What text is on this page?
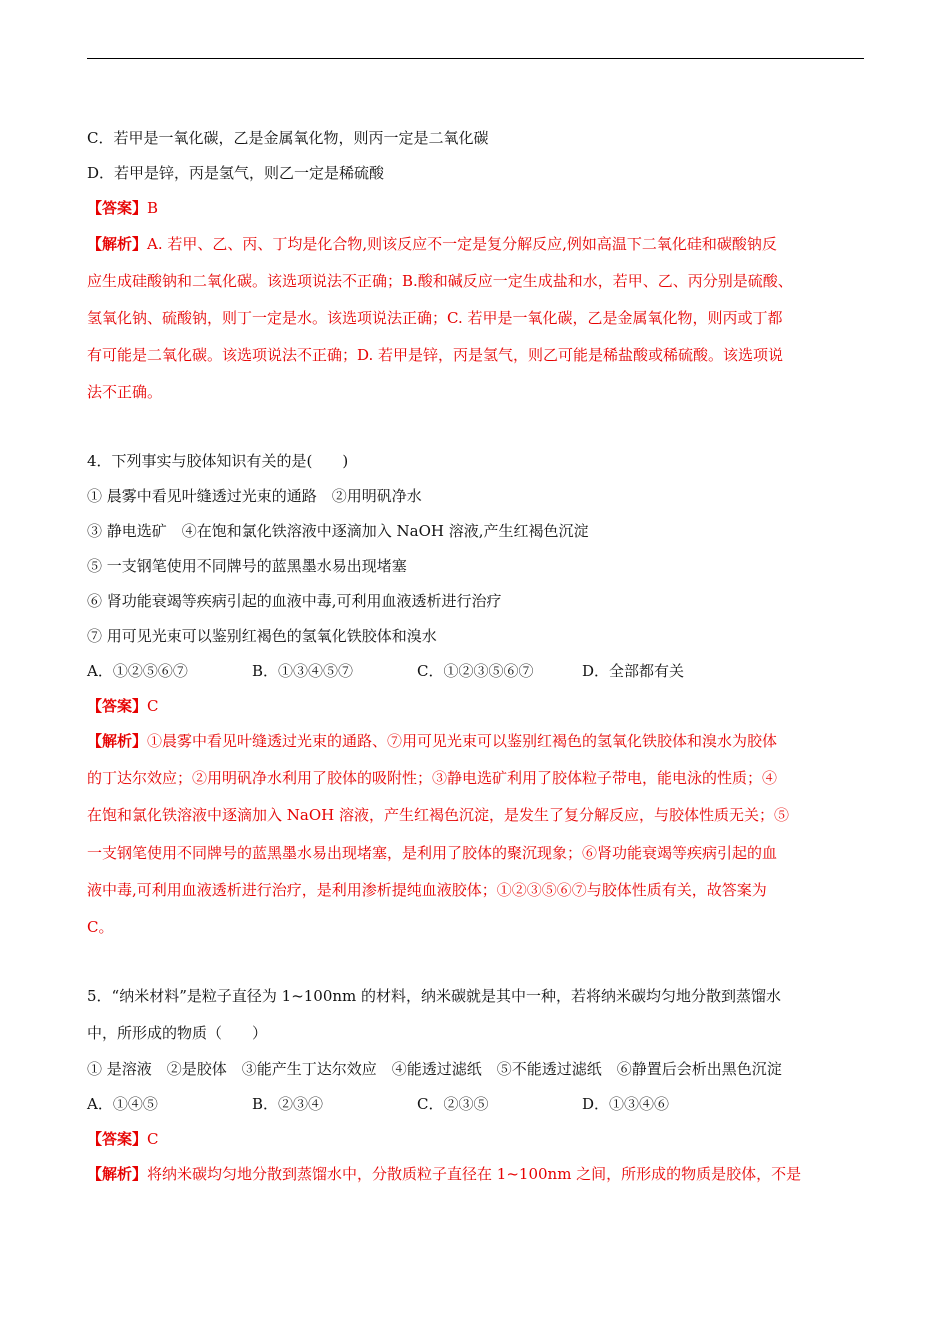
C．若甲是一氧化碳，乙是金属氧化物，则丙一定是二氧化碳
D．若甲是锌，丙是氢气，则乙一定是稀硫酸
【答案】B
【解析】A. 若甲、乙、丙、丁均是化合物,则该反应不一定是复分解反应,例如高温下二氧化硅和碳酸钠反
应生成硅酸钠和二氧化碳。该选项说法不正确；B.酸和碱反应一定生成盐和水，若甲、乙、丙分别是硫酸、
氢氧化钠、硫酸钠，则丁一定是水。该选项说法正确；C. 若甲是一氧化碳，乙是金属氧化物，则丙或丁都
有可能是二氧化碳。该选项说法不正确；D. 若甲是锌，丙是氢气，则乙可能是稀盐酸或稀硫酸。该选项说
法不正确。
4．下列事实与胶体知识有关的是(　　)
① 晨雾中看见叶缝透过光束的通路　②用明矾净水
③ 静电选矿　④在饱和氯化铁溶液中逐滴加入 NaOH 溶液,产生红褐色沉淀
⑤ 一支钢笔使用不同牌号的蓝黑墨水易出现堵塞
⑥ 肾功能衰竭等疾病引起的血液中毒,可利用血液透析进行治疗
⑦ 用可见光束可以鉴别红褐色的氢氧化铁胶体和溴水
A．①②⑤⑥⑦	B．①③④⑤⑦	C．①②③⑤⑥⑦	D．全部都有关
【答案】C
【解析】①晨雾中看见叶缝透过光束的通路、⑦用可见光束可以鉴别红褐色的氢氧化铁胶体和溴水为胶体
的丁达尔效应；②用明矾净水利用了胶体的吸附性；③静电选矿利用了胶体粒子带电，能电泳的性质；④
在饱和氯化铁溶液中逐滴加入 NaOH 溶液，产生红褐色沉淀，是发生了复分解反应，与胶体性质无关；⑤
一支钢笔使用不同牌号的蓝黑墨水易出现堵塞，是利用了胶体的聚沉现象；⑥肾功能衰竭等疾病引起的血
液中毒,可利用血液透析进行治疗，是利用渗析提纯血液胶体；①②③⑤⑥⑦与胶体性质有关，故答案为
C。
5．“纳米材料”是粒子直径为 1~100nm 的材料，纳米碳就是其中一种，若将纳米碳均匀地分散到蒸馏水
中，所形成的物质（　　）
① 是溶液　②是胶体　③能产生丁达尔效应　④能透过滤纸　⑤不能透过滤纸　⑥静置后会析出黑色沉淀
A．①④⑤	B．②③④	C．②③⑤	D．①③④⑥
【答案】C
【解析】将纳米碳均匀地分散到蒸馏水中，分散质粒子直径在 1~100nm 之间，所形成的物质是胶体，不是
